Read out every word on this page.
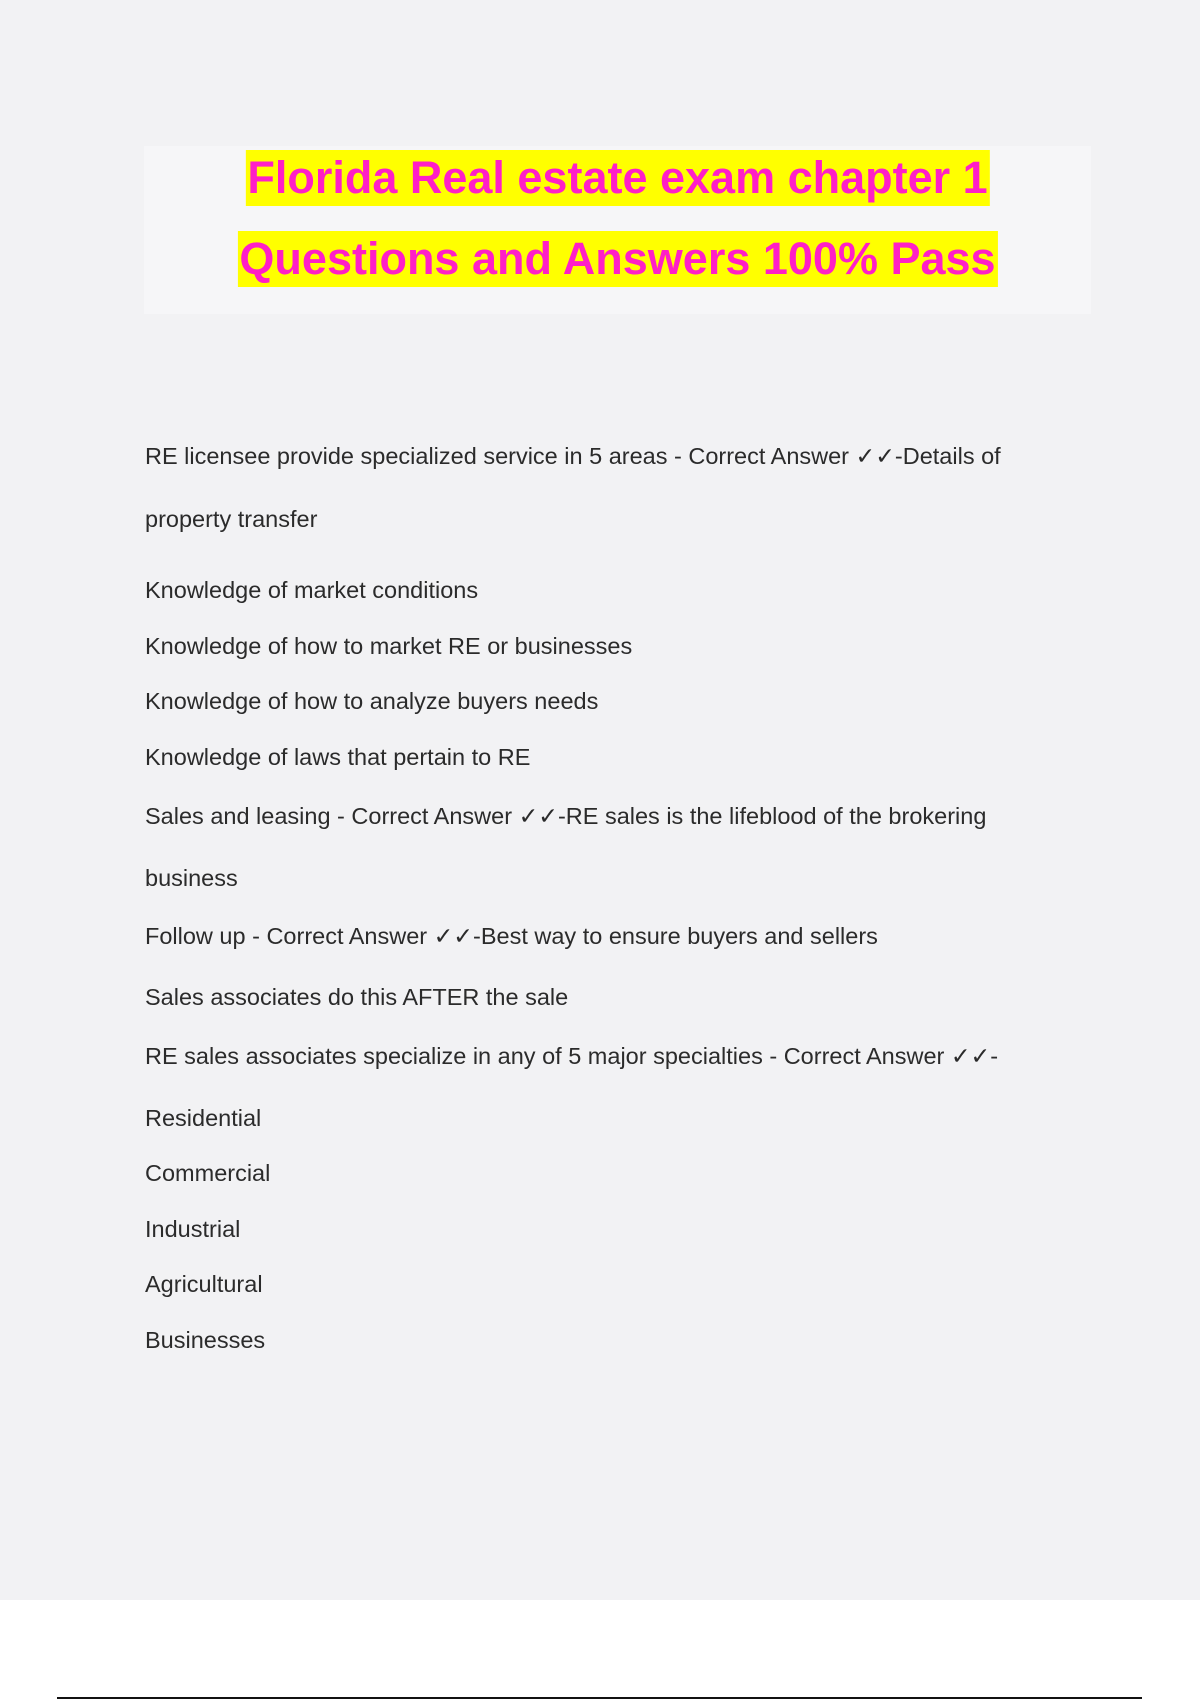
Florida Real estate exam chapter 1
Questions and Answers 100% Pass
RE licensee provide specialized service in 5 areas - Correct Answer ✓✓-Details of
property transfer
Knowledge of market conditions
Knowledge of how to market RE or businesses
Knowledge of how to analyze buyers needs
Knowledge of laws that pertain to RE
Sales and leasing - Correct Answer ✓✓-RE sales is the lifeblood of the brokering
business
Follow up - Correct Answer ✓✓-Best way to ensure buyers and sellers
Sales associates do this AFTER the sale
RE sales associates specialize in any of 5 major specialties - Correct Answer ✓✓-
Residential
Commercial
Industrial
Agricultural
Businesses
